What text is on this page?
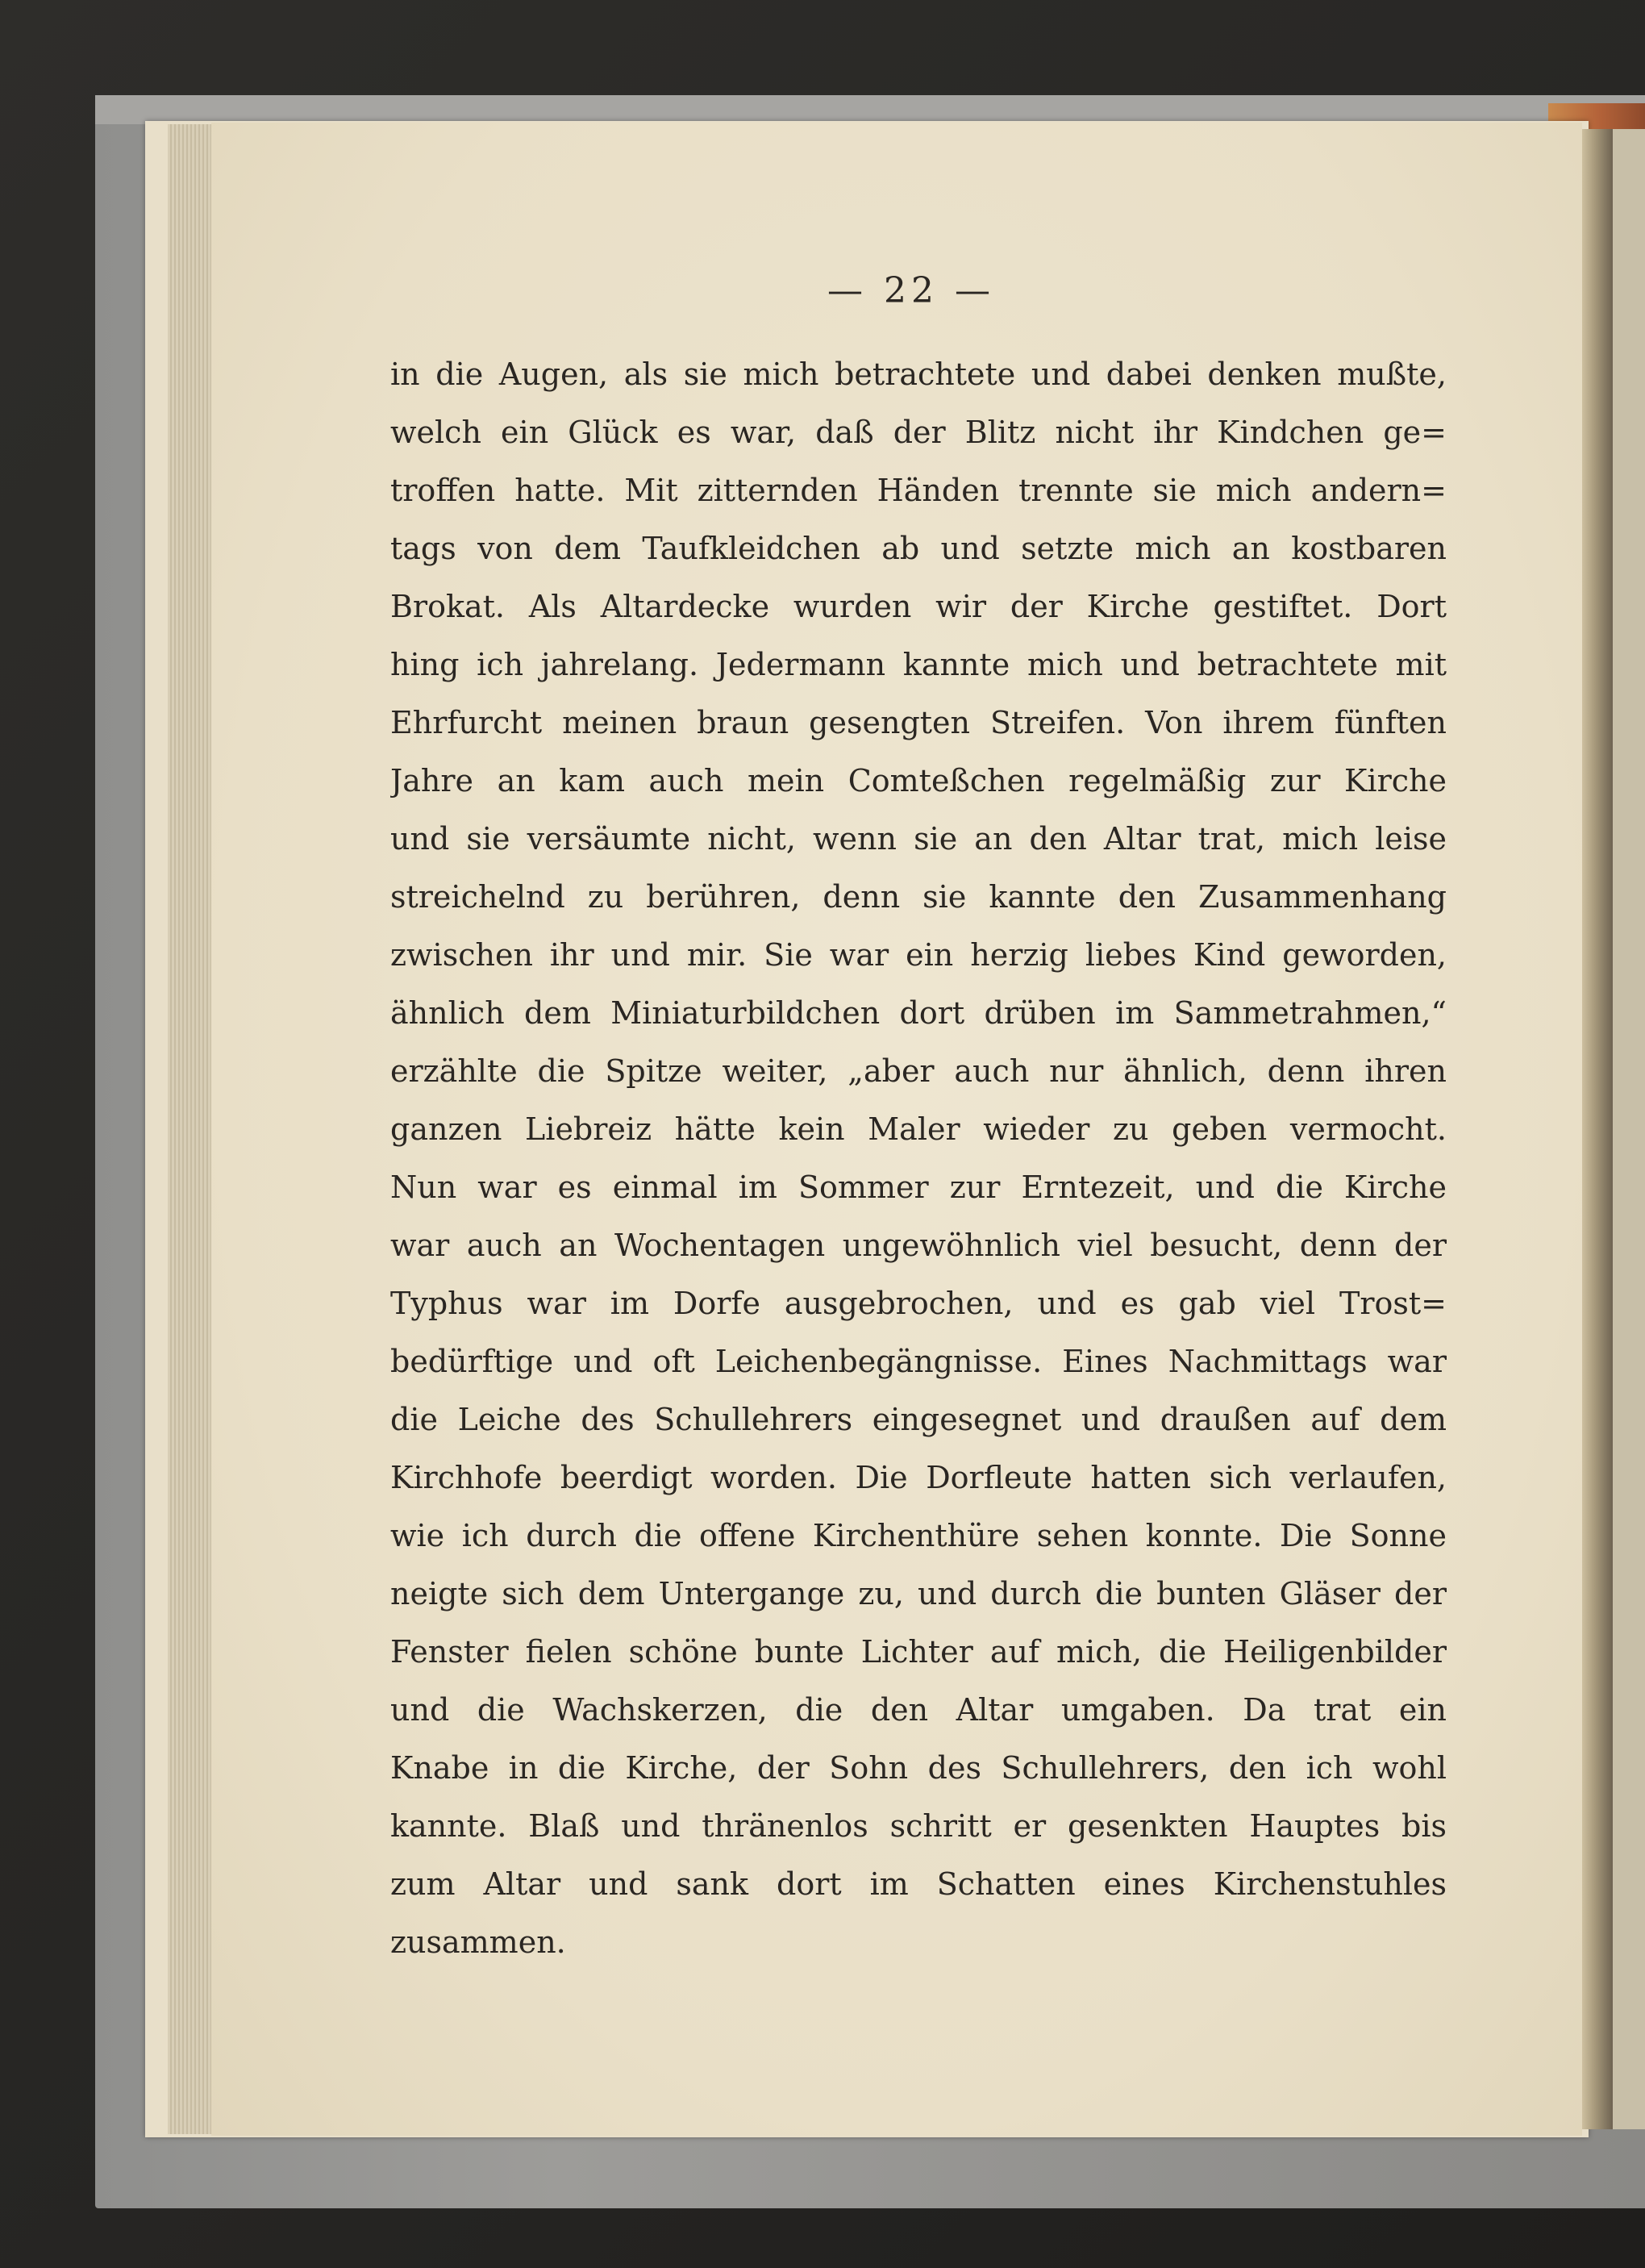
— 22 —
in die Augen, als sie mich betrachtete und dabei denken mußte,
welch ein Glück es war, daß der Blitz nicht ihr Kindchen ge=
troffen hatte. Mit zitternden Händen trennte sie mich andern=
tags von dem Taufkleidchen ab und setzte mich an kostbaren
Brokat. Als Altardecke wurden wir der Kirche gestiftet. Dort
hing ich jahrelang. Jedermann kannte mich und betrachtete mit
Ehrfurcht meinen braun gesengten Streifen. Von ihrem fünften
Jahre an kam auch mein Comteßchen regelmäßig zur Kirche
und sie versäumte nicht, wenn sie an den Altar trat, mich leise
streichelnd zu berühren, denn sie kannte den Zusammenhang
zwischen ihr und mir. Sie war ein herzig liebes Kind geworden,
ähnlich dem Miniaturbildchen dort drüben im Sammetrahmen,“
erzählte die Spitze weiter, „aber auch nur ähnlich, denn ihren
ganzen Liebreiz hätte kein Maler wieder zu geben vermocht.
Nun war es einmal im Sommer zur Erntezeit, und die Kirche
war auch an Wochentagen ungewöhnlich viel besucht, denn der
Typhus war im Dorfe ausgebrochen, und es gab viel Trost=
bedürftige und oft Leichenbegängnisse. Eines Nachmittags war
die Leiche des Schullehrers eingesegnet und draußen auf dem
Kirchhofe beerdigt worden. Die Dorfleute hatten sich verlaufen,
wie ich durch die offene Kirchenthüre sehen konnte. Die Sonne
neigte sich dem Untergange zu, und durch die bunten Gläser der
Fenster fielen schöne bunte Lichter auf mich, die Heiligenbilder
und die Wachskerzen, die den Altar umgaben. Da trat ein
Knabe in die Kirche, der Sohn des Schullehrers, den ich wohl
kannte. Blaß und thränenlos schritt er gesenkten Hauptes bis
zum Altar und sank dort im Schatten eines Kirchenstuhles
zusammen.
